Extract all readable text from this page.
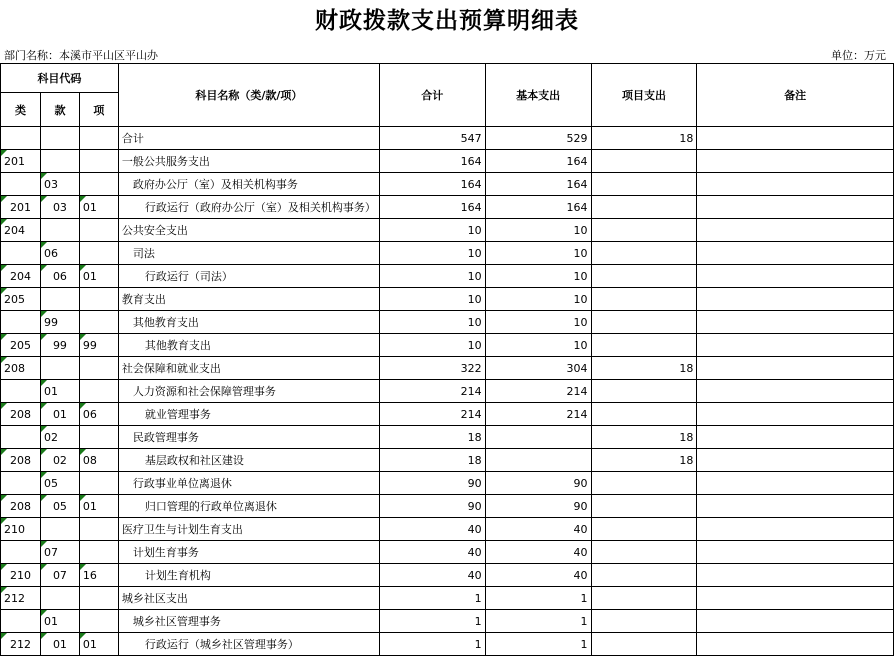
财政拨款支出预算明细表
部门名称：本溪市平山区平山办	单位：万元
科目代码			科目名称（类/款/项）	合计	基本支出	项目支出	备注
类	款	项					
			合计	547	529	18	
201			一般公共服务支出	164	164		
	03		政府办公厅（室）及相关机构事务	164	164		
201	03	01	行政运行（政府办公厅（室）及相关机构事务）	164	164		
204			公共安全支出	10	10		
	06		司法	10	10		
204	06	01	行政运行（司法）	10	10		
205			教育支出	10	10		
	99		其他教育支出	10	10		
205	99	99	其他教育支出	10	10		
208			社会保障和就业支出	322	304	18	
	01		人力资源和社会保障管理事务	214	214		
208	01	06	就业管理事务	214	214		
	02		民政管理事务	18		18	
208	02	08	基层政权和社区建设	18		18	
	05		行政事业单位离退休	90	90		
208	05	01	归口管理的行政单位离退休	90	90		
210			医疗卫生与计划生育支出	40	40		
	07		计划生育事务	40	40		
210	07	16	计划生育机构	40	40		
212			城乡社区支出	1	1		
	01		城乡社区管理事务	1	1		
212	01	01	行政运行（城乡社区管理事务）	1	1		
